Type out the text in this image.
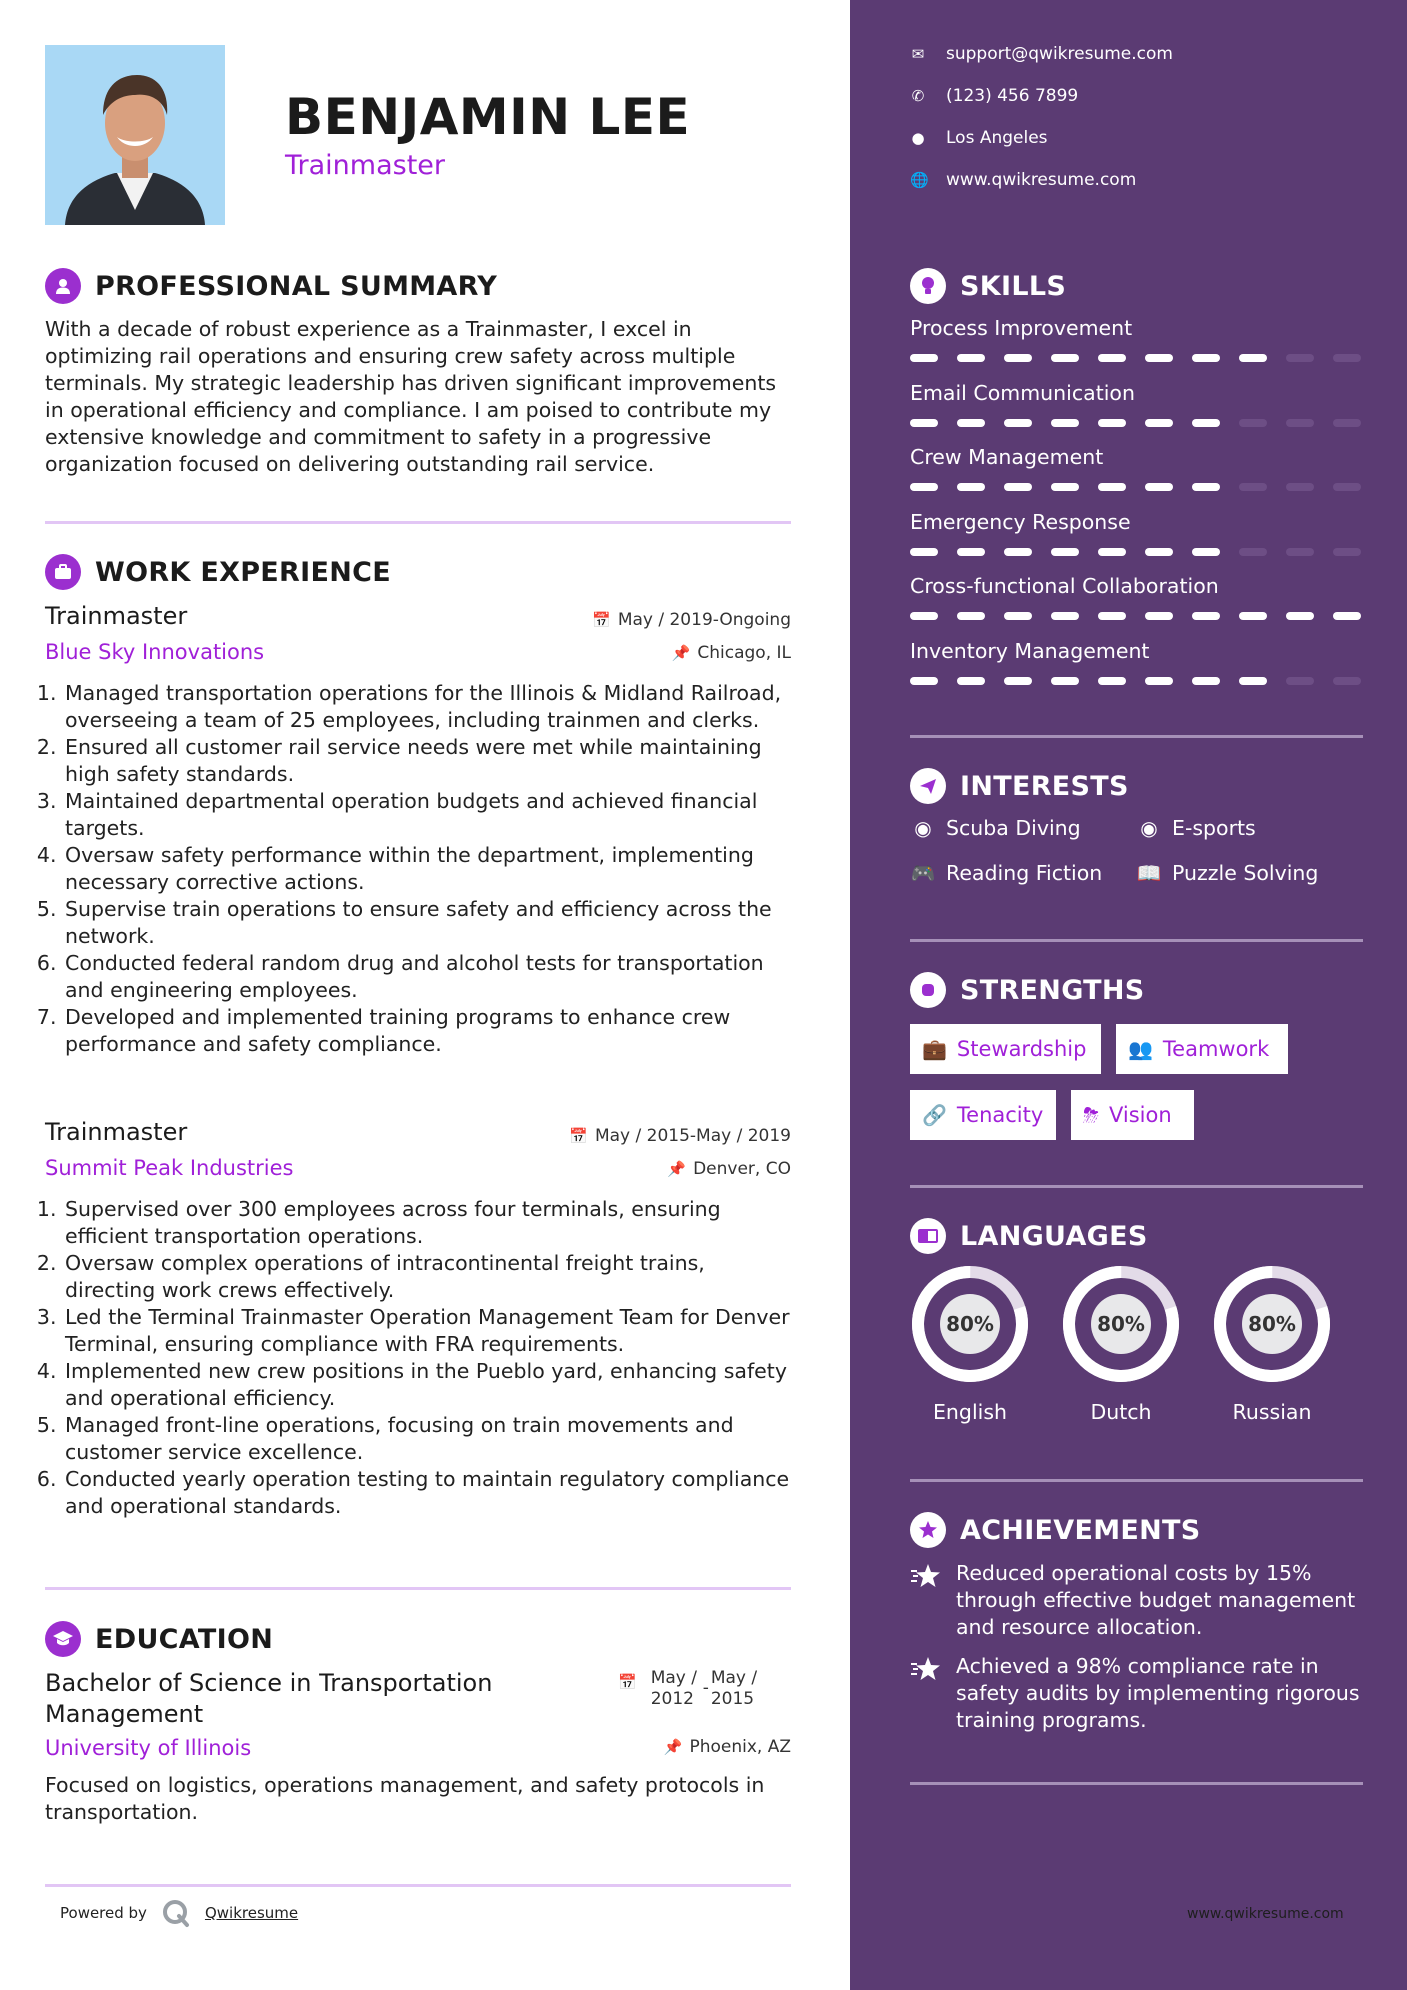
BENJAMIN LEE
Trainmaster
PROFESSIONAL SUMMARY
With a decade of robust experience as a Trainmaster, I excel in optimizing rail operations and ensuring crew safety across multiple terminals. My strategic leadership has driven significant improvements in operational efficiency and compliance. I am poised to contribute my extensive knowledge and commitment to safety in a progressive organization focused on delivering outstanding rail service.
WORK EXPERIENCE
Trainmaster
Blue Sky Innovations
📅 May / 2019-Ongoing
📌 Chicago, IL
1. Managed transportation operations for the Illinois & Midland Railroad, overseeing a team of 25 employees, including trainmen and clerks.
2. Ensured all customer rail service needs were met while maintaining high safety standards.
3. Maintained departmental operation budgets and achieved financial targets.
4. Oversaw safety performance within the department, implementing necessary corrective actions.
5. Supervise train operations to ensure safety and efficiency across the network.
6. Conducted federal random drug and alcohol tests for transportation and engineering employees.
7. Developed and implemented training programs to enhance crew performance and safety compliance.
Trainmaster
Summit Peak Industries
📅 May / 2015-May / 2019
📌 Denver, CO
1. Supervised over 300 employees across four terminals, ensuring efficient transportation operations.
2. Oversaw complex operations of intracontinental freight trains, directing work crews effectively.
3. Led the Terminal Trainmaster Operation Management Team for Denver Terminal, ensuring compliance with FRA requirements.
4. Implemented new crew positions in the Pueblo yard, enhancing safety and operational efficiency.
5. Managed front-line operations, focusing on train movements and customer service excellence.
6. Conducted yearly operation testing to maintain regulatory compliance and operational standards.
EDUCATION
Bachelor of Science in Transportation
Management
University of Illinois
📅 May / 2012
- May / 2015
📌 Phoenix, AZ
Focused on logistics, operations management, and safety protocols in transportation.
Powered by	Qwikresume
✉ support@qwikresume.com
✆ (123) 456 7899
● Los Angeles
🌐 www.qwikresume.com
SKILLS
Process Improvement
Email Communication
Crew Management
Emergency Response
Cross-functional Collaboration
Inventory Management
INTERESTS
◉ Scuba Diving	◉ E-sports
🎮 Reading Fiction 📖 Puzzle Solving
STRENGTHS
💼 Stewardship 👥 Teamwork
🔗 Tenacity ⛈ Vision
LANGUAGES
80%
English
80%
Dutch
80%
Russian
ACHIEVEMENTS
Reduced operational costs by 15% through effective budget management and resource allocation.
Achieved a 98% compliance rate in safety audits by implementing rigorous training programs.
www.qwikresume.com
